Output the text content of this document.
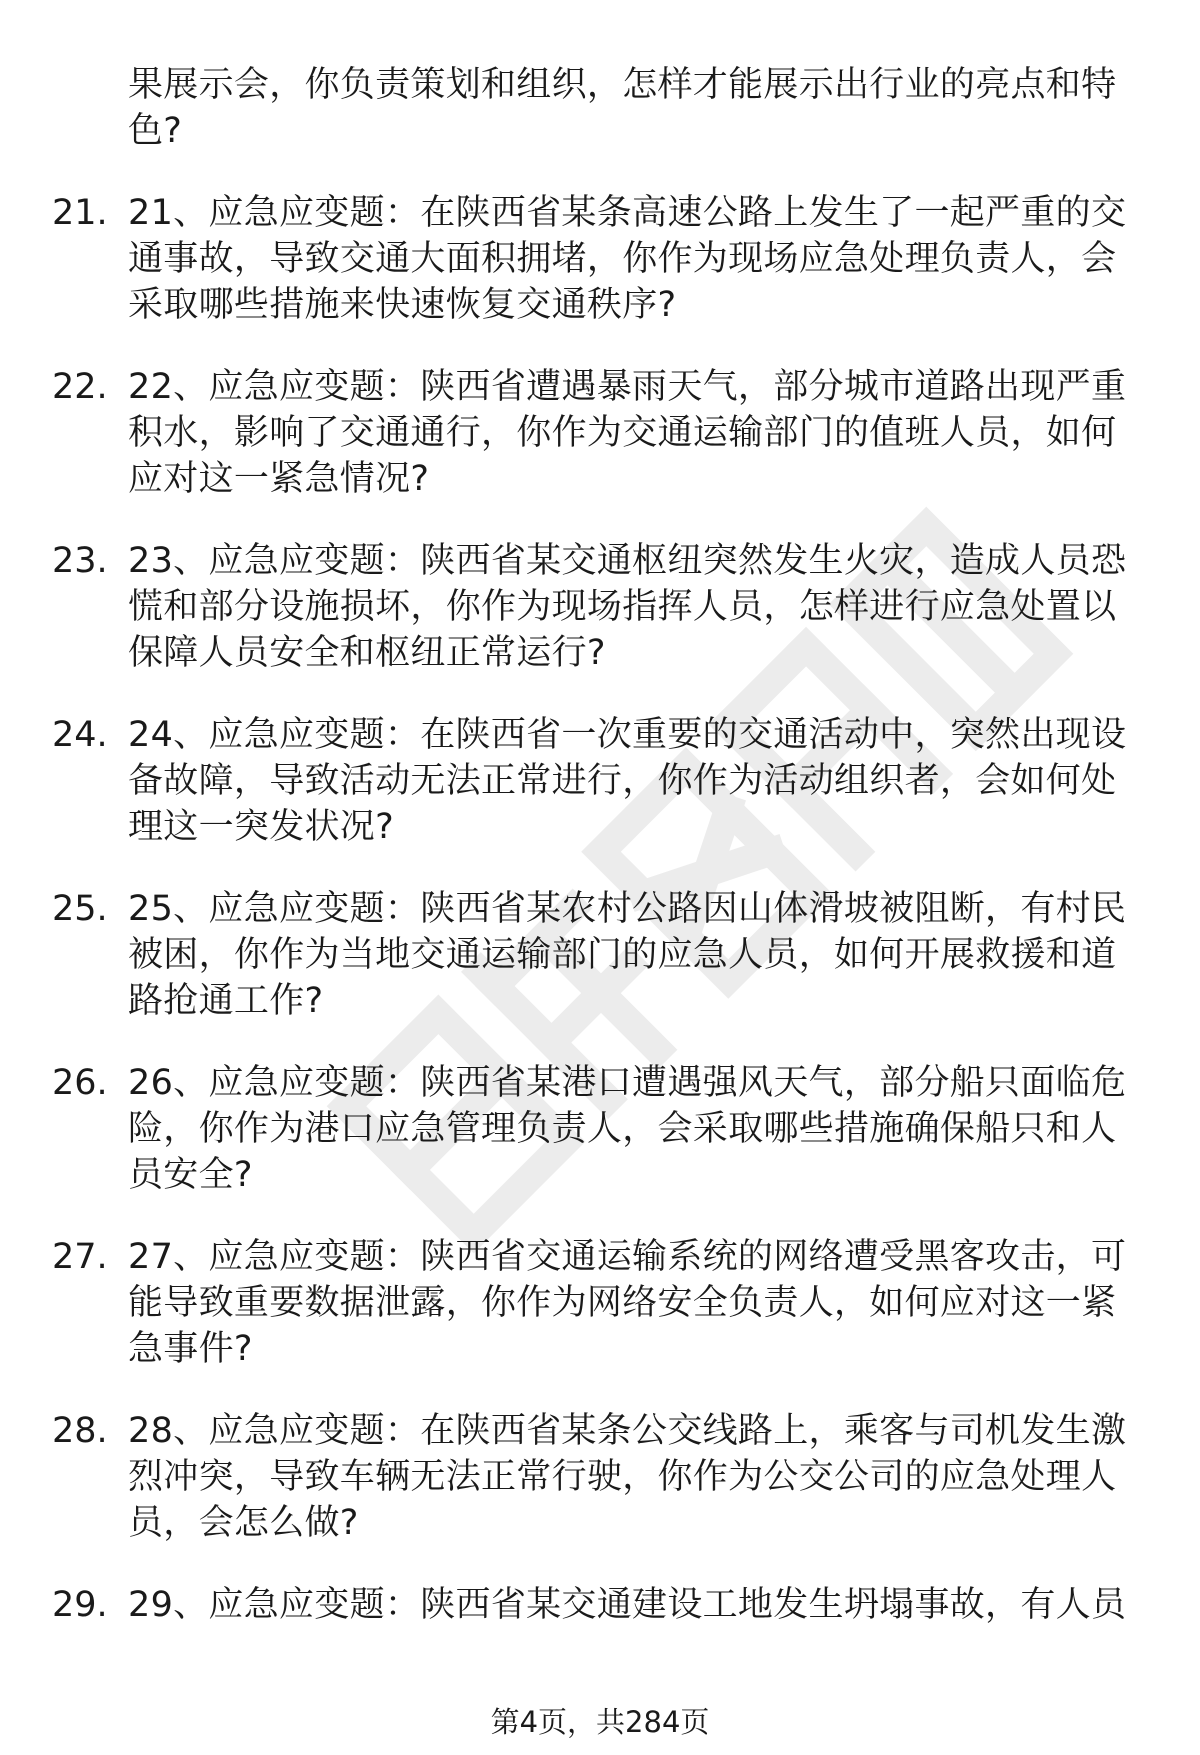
果展示会，你负责策划和组织，怎样才能展示出行业的亮点和特色?
21. 21、应急应变题：在陕西省某条高速公路上发生了一起严重的交通事故，导致交通大面积拥堵，你作为现场应急处理负责人，会采取哪些措施来快速恢复交通秩序?
22. 22、应急应变题：陕西省遭遇暴雨天气，部分城市道路出现严重积水，影响了交通通行，你作为交通运输部门的值班人员，如何应对这一紧急情况?
23. 23、应急应变题：陕西省某交通枢纽突然发生火灾，造成人员恐慌和部分设施损坏，你作为现场指挥人员，怎样进行应急处置以保障人员安全和枢纽正常运行?
24. 24、应急应变题：在陕西省一次重要的交通活动中，突然出现设备故障，导致活动无法正常进行，你作为活动组织者，会如何处理这一突发状况?
25. 25、应急应变题：陕西省某农村公路因山体滑坡被阻断，有村民被困，你作为当地交通运输部门的应急人员，如何开展救援和道路抢通工作?
26. 26、应急应变题：陕西省某港口遭遇强风天气，部分船只面临危险，你作为港口应急管理负责人，会采取哪些措施确保船只和人员安全?
27. 27、应急应变题：陕西省交通运输系统的网络遭受黑客攻击，可能导致重要数据泄露，你作为网络安全负责人，如何应对这一紧急事件?
28. 28、应急应变题：在陕西省某条公交线路上，乘客与司机发生激烈冲突，导致车辆无法正常行驶，你作为公交公司的应急处理人员，会怎么做?
29. 29、应急应变题：陕西省某交通建设工地发生坍塌事故，有人员
第4页，共284页
